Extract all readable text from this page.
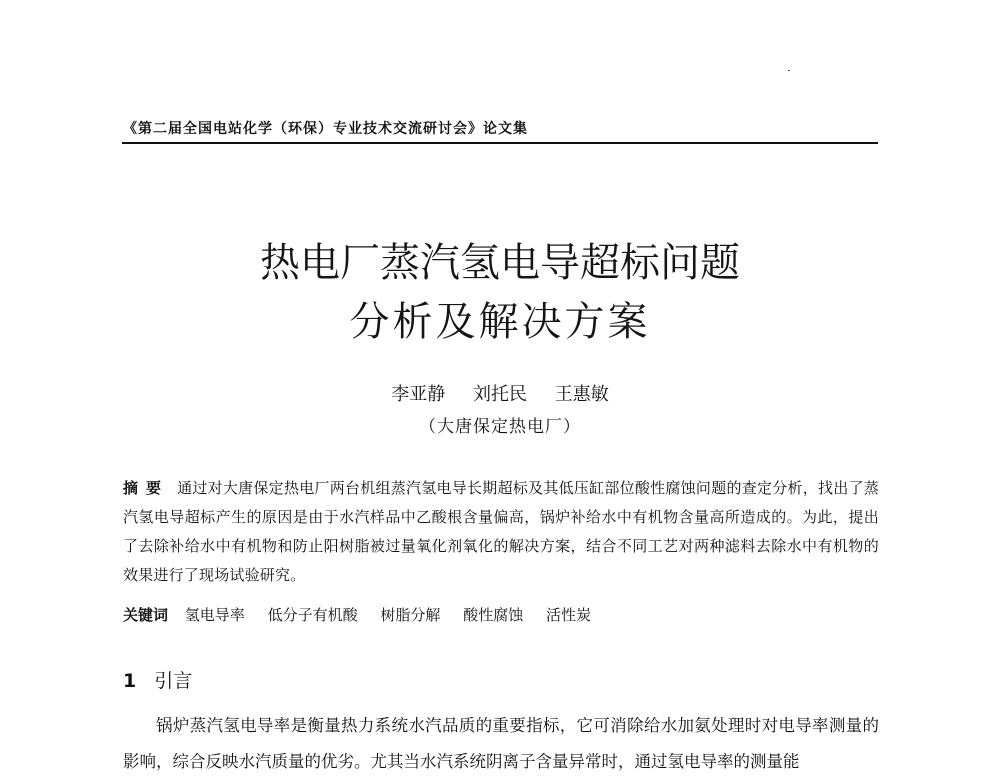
《第二届全国电站化学（环保）专业技术交流研讨会》论文集
热电厂蒸汽氢电导超标问题
分析及解决方案
李亚静 刘托民 王惠敏
（大唐保定热电厂）
摘要 通过对大唐保定热电厂两台机组蒸汽氢电导长期超标及其低压缸部位酸性腐蚀问题的查定分析，找出了蒸汽氢电导超标产生的原因是由于水汽样品中乙酸根含量偏高，锅炉补给水中有机物含量高所造成的。为此，提出了去除补给水中有机物和防止阳树脂被过量氧化剂氧化的解决方案，结合不同工艺对两种滤料去除水中有机物的效果进行了现场试验研究。
关键词 氢电导率 低分子有机酸 树脂分解 酸性腐蚀 活性炭
1 引言
锅炉蒸汽氢电导率是衡量热力系统水汽品质的重要指标，它可消除给水加氨处理时对电导率测量的影响，综合反映水汽质量的优劣。尤其当水汽系统阴离子含量异常时，通过氢电导率的测量能
